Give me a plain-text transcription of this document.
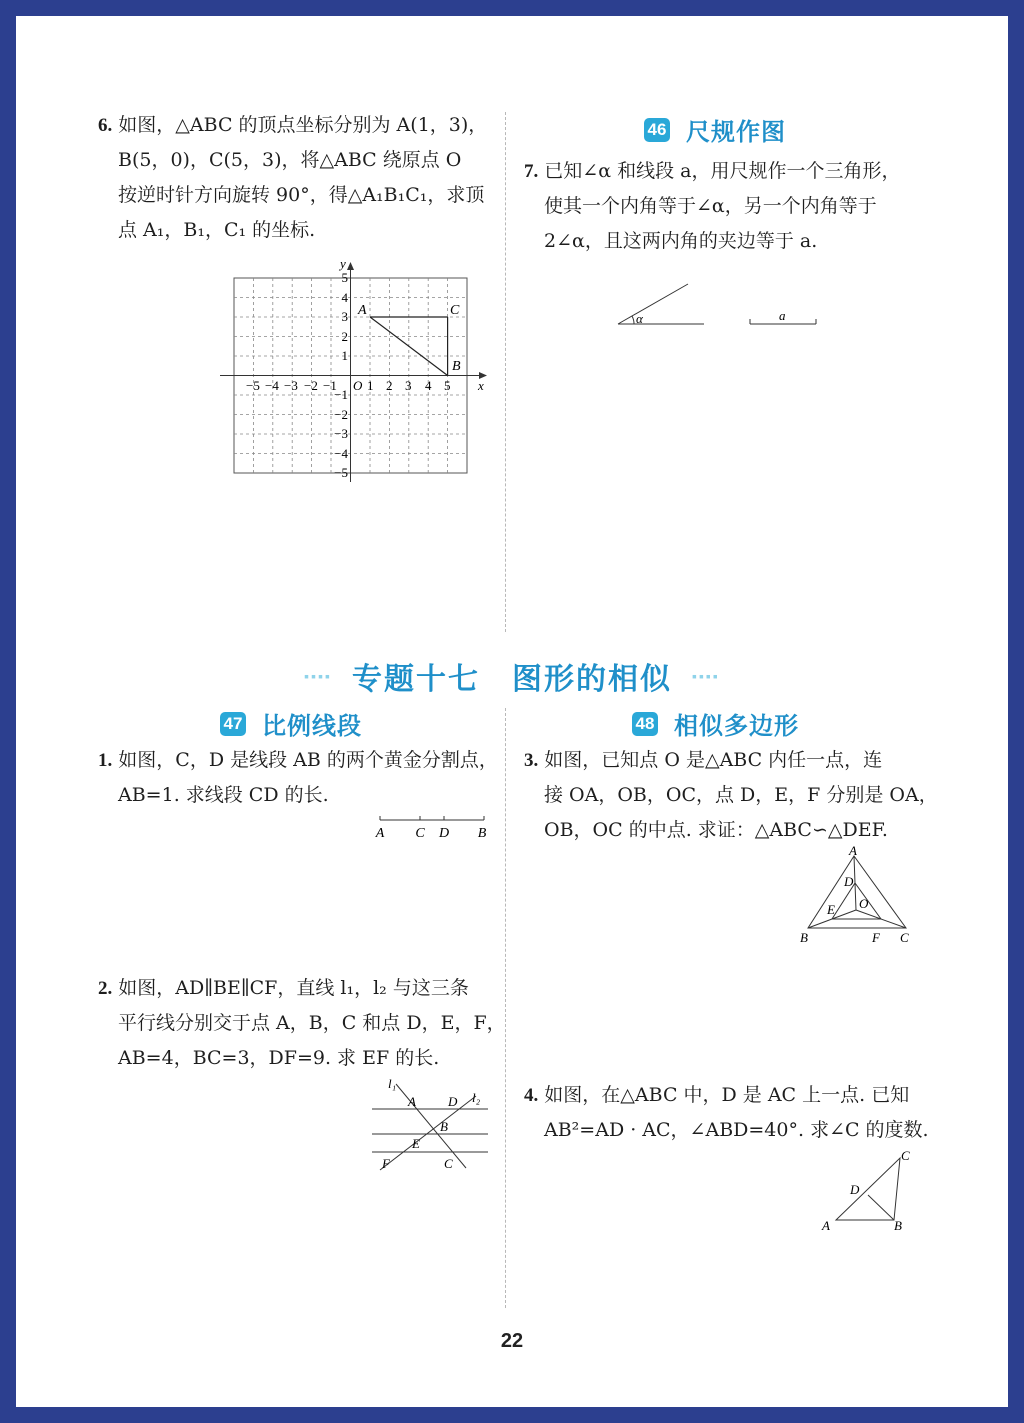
6. 如图，△ABC 的顶点坐标分别为 A(1，3)，
B(5，0)，C(5，3)，将△ABC 绕原点 O
按逆时针方向旋转 90°，得△A₁B₁C₁，求顶
点 A₁，B₁，C₁ 的坐标.
x
y
O
−5 −4 −3 −2 −1 1 2 3 4 5
5
4
3
2
1
−1
−2
−3
−4
−5
A	C
B
46 尺规作图
7. 已知∠α 和线段 a，用尺规作一个三角形，
使其一个内角等于∠α，另一个内角等于
2∠α，且这两内角的夹边等于 a.
α	a
▪▪▪▪ 专题十七　图形的相似 ▪▪▪▪
47 比例线段	48 相似多边形
1. 如图，C，D 是线段 AB 的两个黄金分割点，
AB=1. 求线段 CD 的长.
A C D B
2. 如图，AD∥BE∥CF，直线 l₁，l₂ 与这三条
平行线分别交于点 A，B，C 和点 D，E，F，
AB=4，BC=3，DF=9. 求 EF 的长.
l₁
l₂
A D
B
E
F	C
3. 如图，已知点 O 是△ABC 内任一点，连
接 OA，OB，OC，点 D，E，F 分别是 OA，
OB，OC 的中点. 求证：△ABC∽△DEF.
A
D
O
E
B	F C
4. 如图，在△ABC 中，D 是 AC 上一点. 已知
AB²=AD · AC，∠ABD=40°. 求∠C 的度数.
C
D
A	B
22
